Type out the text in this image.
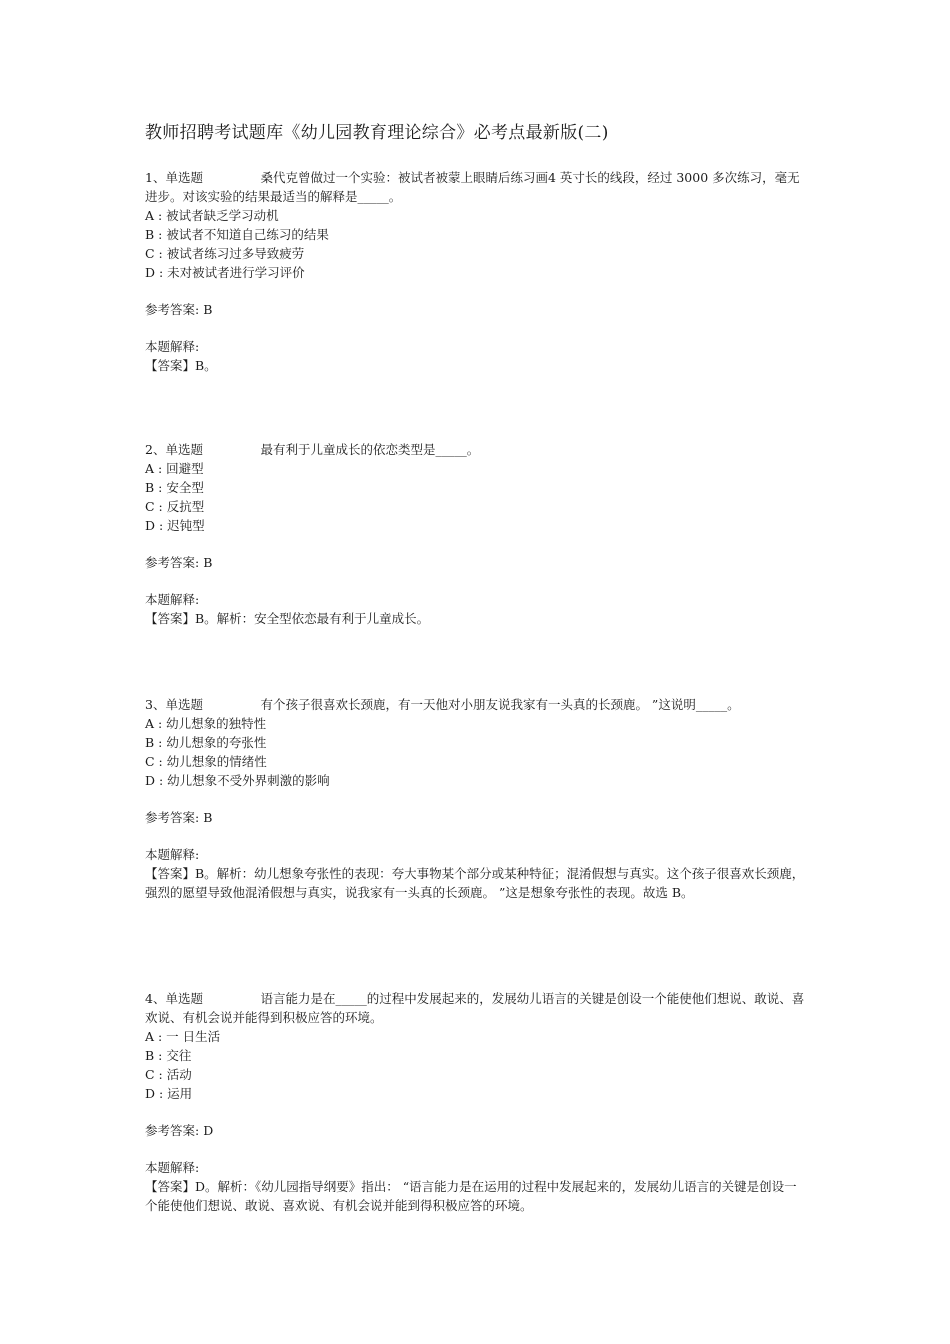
教师招聘考试题库《幼儿园教育理论综合》必考点最新版(二)

1、单选题	桑代克曾做过一个实验：被试者被蒙上眼睛后练习画4 英寸长的线段，经过 3000 多次练习，毫无进步。对该实验的结果最适当的解释是_____。

A : 被试者缺乏学习动机

B : 被试者不知道自己练习的结果

C : 被试者练习过多导致疲劳

D : 未对被试者进行学习评价

参考答案: B

本题解释:

【答案】B。

2、单选题	最有利于儿童成长的依恋类型是_____。

A : 回避型

B : 安全型

C : 反抗型

D : 迟钝型

参考答案: B

本题解释:

【答案】B。解析：安全型依恋最有利于儿童成长。

3、单选题	有个孩子很喜欢长颈鹿，有一天他对小朋友说我家有一头真的长颈鹿。 ”这说明_____。

A : 幼儿想象的独特性

B : 幼儿想象的夸张性

C : 幼儿想象的情绪性

D : 幼儿想象不受外界刺激的影响

参考答案: B

本题解释:

【答案】B。解析：幼儿想象夸张性的表现：夸大事物某个部分或某种特征；混淆假想与真实。这个孩子很喜欢长颈鹿，强烈的愿望导致他混淆假想与真实，说我家有一头真的长颈鹿。 ”这是想象夸张性的表现。故选 B。

4、单选题	语言能力是在_____的过程中发展起来的，发展幼儿语言的关键是创设一个能使他们想说、敢说、喜欢说、有机会说并能得到积极应答的环境。

A : 一 日生活

B : 交往

C : 活动

D : 运用

参考答案: D

本题解释:

【答案】D。解析：《幼儿园指导纲要》指出： “语言能力是在运用的过程中发展起来的，发展幼儿语言的关键是创设一个能使他们想说、敢说、喜欢说、有机会说并能到得积极应答的环境。
